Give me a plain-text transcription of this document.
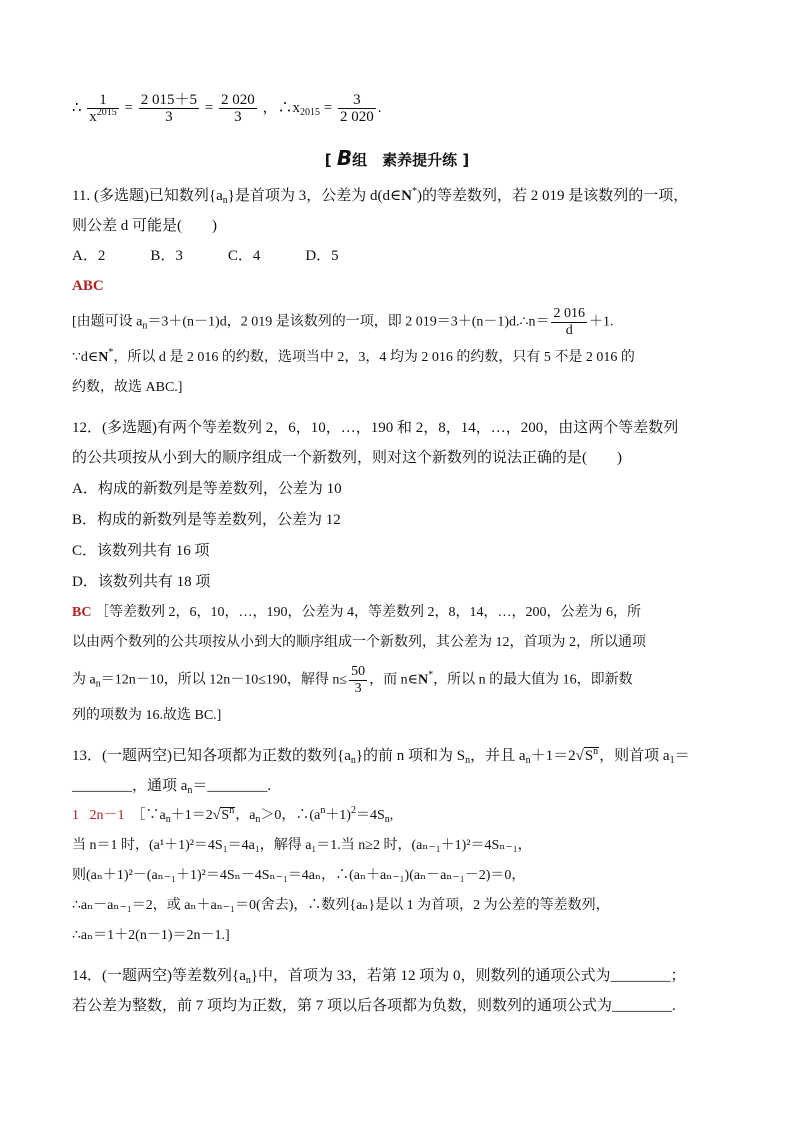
∴ $\frac{1}{x^{2015}} = \frac{2 015+5}{3} = \frac{2 020}{3}$ ，$\therefore x_{2015} = \frac{3}{2 020}$ .
[ B组　素养提升练 ]
11. (多选题)已知数列$\{a_n\}$是首项为 3，公差为 d(d∈N*)的等差数列，若 2 019 是该数列的一项，
则公差 d 可能是(　　)
A．2　　　B．3　　　C．4　　　D．5
ABC
[由题可设 $a_n=3+(n-1)d$，2 019 是该数列的一项，即 2 019＝3＋(n－1)d.∴n＝ $\frac{2 016}{d} +1$.
∵d∈N*，所以 d 是 2 016 的约数，选项当中 2，3，4 均为 2 016 的约数，只有 5 不是 2 016 的
约数，故选 ABC.]
12．(多选题)有两个等差数列 2，6，10，…，190 和 2，8，14，…，200，由这两个等差数列
的公共项按从小到大的顺序组成一个新数列，则对这个新数列的说法正确的是(　　)
A．构成的新数列是等差数列，公差为 10
B．构成的新数列是等差数列，公差为 12
C．该数列共有 16 项
D．该数列共有 18 项
BC ［等差数列 2，6，10，…，190，公差为 4，等差数列 2，8，14，…，200，公差为 6，所
以由两个数列的公共项按从小到大的顺序组成一个新数列，其公差为 12，首项为 2，所以通项
为 $a_n=12n-10$，所以 12n－10≤190，解得 $n\le \frac{50}{3}$ ，而 n∈N*，所以 n 的最大值为 16，即新数
列的项数为 16.故选 BC.]
13．(一题两空)已知各项都为正数的数列$\{a_n\}$的前 n 项和为 $S_n$，并且 $a_n+1=2√S^n$，则首项 $a_1=$
________，通项 $a_n=\_\_\_\_\_\_\_\_$.
1 2n－1 $[\because a_n+1=2√S^n$，$a_n>0$，$\therefore(a^n+1)^2=4S_n$,
当 n＝1 时，(a¹＋1)²＝4S₁＝4a₁，解得 a₁＝1.当 n≥2 时，(aₙ₋₁＋1)²＝4Sₙ₋₁，
则(aₙ＋1)²－(aₙ₋₁＋1)²＝4Sₙ－4Sₙ₋₁＝4aₙ，∴(aₙ＋aₙ₋₁)(aₙ－aₙ₋₁－2)＝0，
∴aₙ－aₙ₋₁＝2，或 aₙ＋aₙ₋₁＝0(舍去)，∴数列{aₙ}是以 1 为首项，2 为公差的等差数列，
∴aₙ＝1＋2(n－1)＝2n－1.]
14．(一题两空)等差数列$\{a_n\}$中，首项为 33，若第 12 项为 0，则数列的通项公式为________；
若公差为整数，前 7 项均为正数，第 7 项以后各项都为负数，则数列的通项公式为________.
